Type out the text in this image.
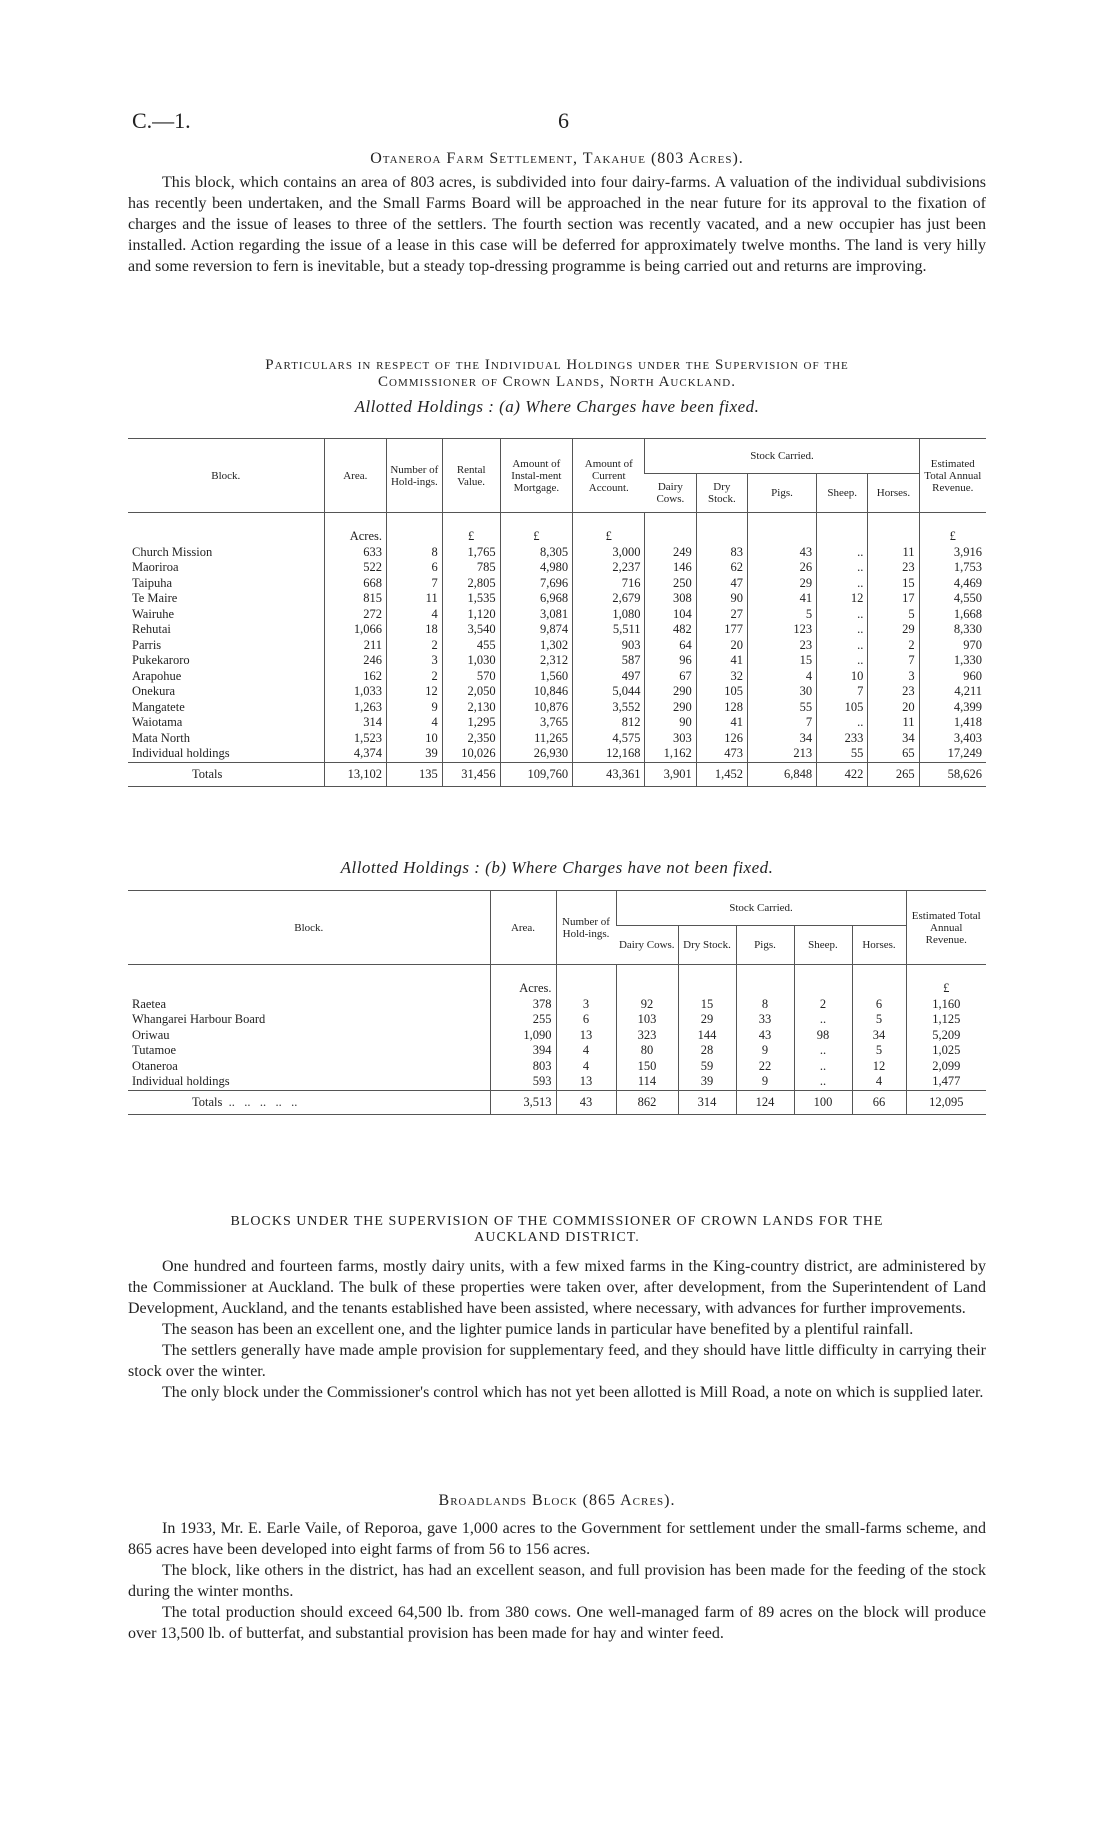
C.—1.	6
Otaneroa Farm Settlement, Takahue (803 Acres).
This block, which contains an area of 803 acres, is subdivided into four dairy-farms. A valuation of the individual subdivisions has recently been undertaken, and the Small Farms Board will be approached in the near future for its approval to the fixation of charges and the issue of leases to three of the settlers. The fourth section was recently vacated, and a new occupier has just been installed. Action regarding the issue of a lease in this case will be deferred for approximately twelve months. The land is very hilly and some reversion to fern is inevitable, but a steady top-dressing programme is being carried out and returns are improving.
Particulars in respect of the Individual Holdings under the Supervision of the
Commissioner of Crown Lands, North Auckland.
Allotted Holdings : (a) Where Charges have been fixed.
Block.	Area.	Number of Hold-ings.	Rental Value.	Amount of Instal-ment Mortgage.	Amount of Current Account.	Stock Carried.					Estimated Total Annual Revenue.
						Dairy Cows.	Dry Stock.	Pigs.	Sheep.	Horses.	
	Acres.		£	£	£						£
Church Mission	633	8	1,765	8,305	3,000	249	83	43	..	11	3,916
Maoriroa	522	6	785	4,980	2,237	146	62	26	..	23	1,753
Taipuha	668	7	2,805	7,696	716	250	47	29	..	15	4,469
Te Maire	815	11	1,535	6,968	2,679	308	90	41	12	17	4,550
Wairuhe	272	4	1,120	3,081	1,080	104	27	5	..	5	1,668
Rehutai	1,066	18	3,540	9,874	5,511	482	177	123	..	29	8,330
Parris	211	2	455	1,302	903	64	20	23	..	2	970
Pukekaroro	246	3	1,030	2,312	587	96	41	15	..	7	1,330
Arapohue	162	2	570	1,560	497	67	32	4	10	3	960
Onekura	1,033	12	2,050	10,846	5,044	290	105	30	7	23	4,211
Mangatete	1,263	9	2,130	10,876	3,552	290	128	55	105	20	4,399
Waiotama	314	4	1,295	3,765	812	90	41	7	..	11	1,418
Mata North	1,523	10	2,350	11,265	4,575	303	126	34	233	34	3,403
Individual holdings	4,374	39	10,026	26,930	12,168	1,162	473	213	55	65	17,249
Totals	13,102	135	31,456	109,760	43,361	3,901	1,452	6,848	422	265	58,626
Allotted Holdings : (b) Where Charges have not been fixed.
Block.	Area.	Number of Hold-ings.	Stock Carried.					Estimated Total Annual Revenue.
			Dairy Cows.	Dry Stock.	Pigs.	Sheep.	Horses.	
	Acres.							£
Raetea	378	3	92	15	8	2	6	1,160
Whangarei Harbour Board	255	6	103	29	33	..	5	1,125
Oriwau	1,090	13	323	144	43	98	34	5,209
Tutamoe	394	4	80	28	9	..	5	1,025
Otaneroa	803	4	150	59	22	..	12	2,099
Individual holdings	593	13	114	39	9	..	4	1,477
Totals  ..   ..   ..   ..   ..	3,513	43	862	314	124	100	66	12,095
BLOCKS UNDER THE SUPERVISION OF THE COMMISSIONER OF CROWN LANDS FOR THE
AUCKLAND DISTRICT.
One hundred and fourteen farms, mostly dairy units, with a few mixed farms in the King-country district, are administered by the Commissioner at Auckland. The bulk of these properties were taken over, after development, from the Superintendent of Land Development, Auckland, and the tenants established have been assisted, where necessary, with advances for further improvements.
The season has been an excellent one, and the lighter pumice lands in particular have benefited by a plentiful rainfall.
The settlers generally have made ample provision for supplementary feed, and they should have little difficulty in carrying their stock over the winter.
The only block under the Commissioner's control which has not yet been allotted is Mill Road, a note on which is supplied later.
Broadlands Block (865 Acres).
In 1933, Mr. E. Earle Vaile, of Reporoa, gave 1,000 acres to the Government for settlement under the small-farms scheme, and 865 acres have been developed into eight farms of from 56 to 156 acres.
The block, like others in the district, has had an excellent season, and full provision has been made for the feeding of the stock during the winter months.
The total production should exceed 64,500 lb. from 380 cows. One well-managed farm of 89 acres on the block will produce over 13,500 lb. of butterfat, and substantial provision has been made for hay and winter feed.
